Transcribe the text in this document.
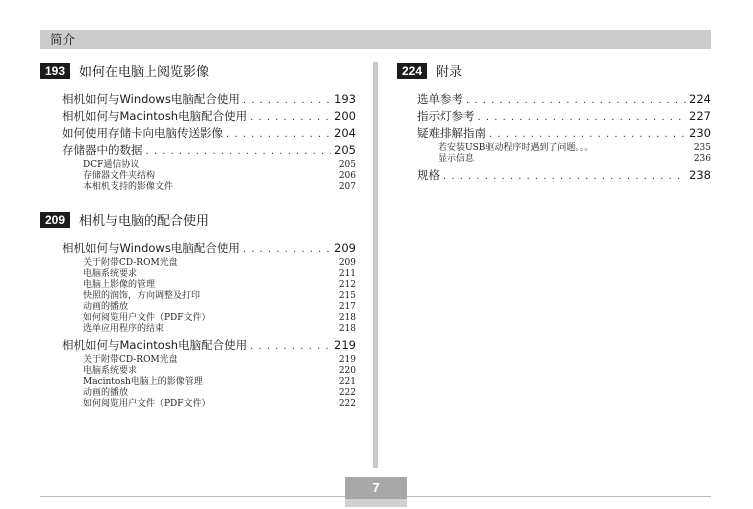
简介
193	如何在电脑上阅览影像
相机如何与Windows电脑配合使用 . . .	193
相机如何与Macintosh电脑配合使用 . . .	200
如何使用存储卡向电脑传送影像 . . .	204
存储器中的数据 . . .	205
DCF通信协议	205
存储器文件夹结构	206
本相机支持的影像文件	207
209	相机与电脑的配合使用
相机如何与Windows电脑配合使用 . . .	209
关于附带CD-ROM光盘	209
电脑系统要求	211
电脑上影像的管理	212
快照的润饰，方向调整及打印	215
动画的播放	217
如何阅览用户文件（PDF文件）	218
选单应用程序的结束	218
相机如何与Macintosh电脑配合使用 . . .	219
关于附带CD-ROM光盘	219
电脑系统要求	220
Macintosh电脑上的影像管理	221
动画的播放	222
如何阅览用户文件（PDF文件）	222
224	附录
选单参考 . . .	224
指示灯参考 . . .	227
疑难排解指南 . . .	230
若安装USB驱动程序时遇到了问题。。。	235
显示信息	236
规格 . . .	238
7
